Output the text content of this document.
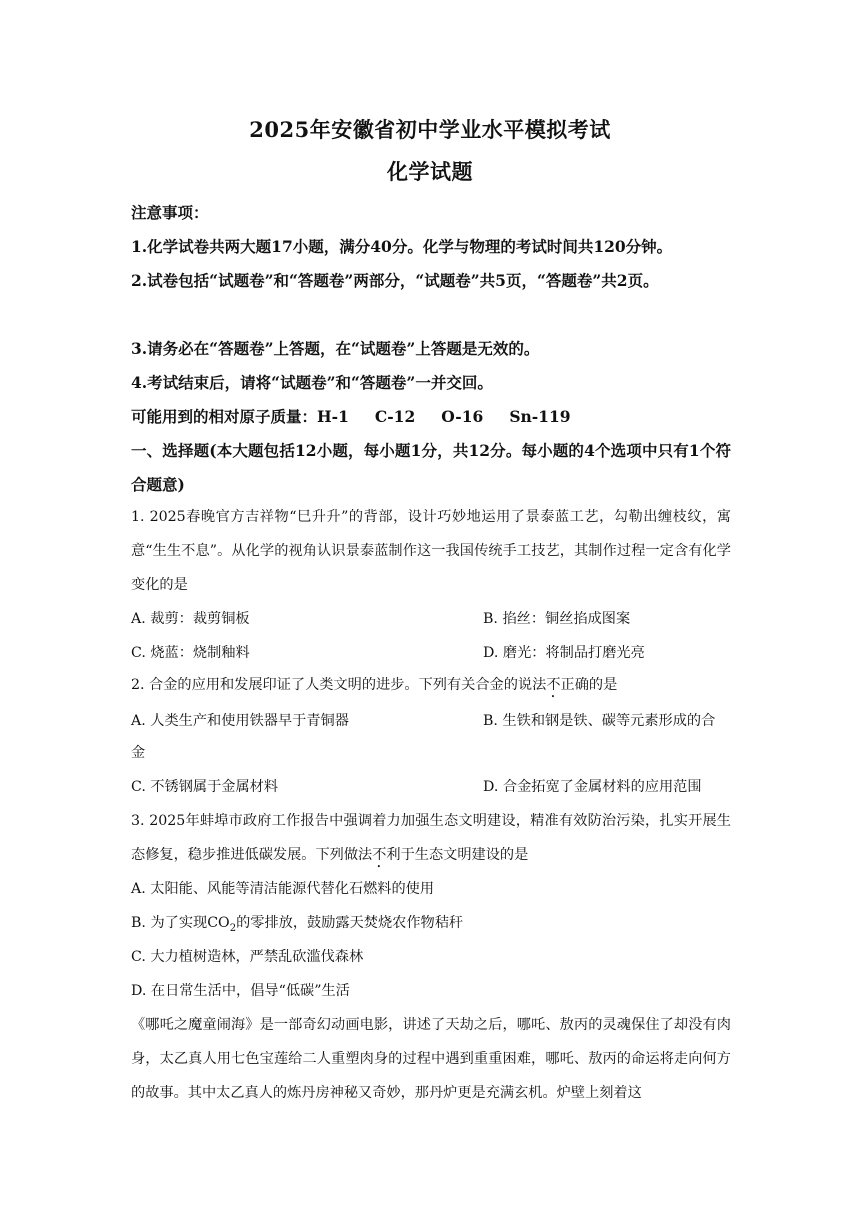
2025年安徽省初中学业水平模拟考试
化学试题
注意事项：
1.化学试卷共两大题17小题，满分40分。化学与物理的考试时间共120分钟。
2.试卷包括“试题卷”和“答题卷”两部分，“试题卷”共5页，“答题卷”共2页。
3.请务必在“答题卷”上答题，在“试题卷”上答题是无效的。
4.考试结束后，请将“试题卷”和“答题卷”一并交回。
可能用到的相对原子质量：H-1 C-12 O-16 Sn-119
一、选择题(本大题包括12小题，每小题1分，共12分。每小题的4个选项中只有1个符合题意)
1. 2025春晚官方吉祥物“巳升升”的背部，设计巧妙地运用了景泰蓝工艺，勾勒出缠枝纹，寓意“生生不息”。从化学的视角认识景泰蓝制作这一我国传统手工技艺，其制作过程一定含有化学变化的是
A. 裁剪：裁剪铜板	B. 掐丝：铜丝掐成图案
C. 烧蓝：烧制釉料	D. 磨光：将制品打磨光亮
2. 合金的应用和发展印证了人类文明的进步。下列有关合金的说法不正确的是
A. 人类生产和使用铁器早于青铜器	B. 生铁和钢是铁、碳等元素形成的合
金
C. 不锈钢属于金属材料	D. 合金拓宽了金属材料的应用范围
3. 2025年蚌埠市政府工作报告中强调着力加强生态文明建设，精准有效防治污染，扎实开展生态修复，稳步推进低碳发展。下列做法不利于生态文明建设的是
A. 太阳能、风能等清洁能源代替化石燃料的使用
B. 为了实现$CO_2$的零排放，鼓励露天焚烧农作物秸秆
C. 大力植树造林，严禁乱砍滥伐森林
D. 在日常生活中，倡导“低碳”生活
《哪吒之魔童闹海》是一部奇幻动画电影，讲述了天劫之后，哪吒、敖丙的灵魂保住了却没有肉身，太乙真人用七色宝莲给二人重塑肉身的过程中遇到重重困难，哪吒、敖丙的命运将走向何方的故事。其中太乙真人的炼丹房神秘又奇妙，那丹炉更是充满玄机。炉壁上刻着这
